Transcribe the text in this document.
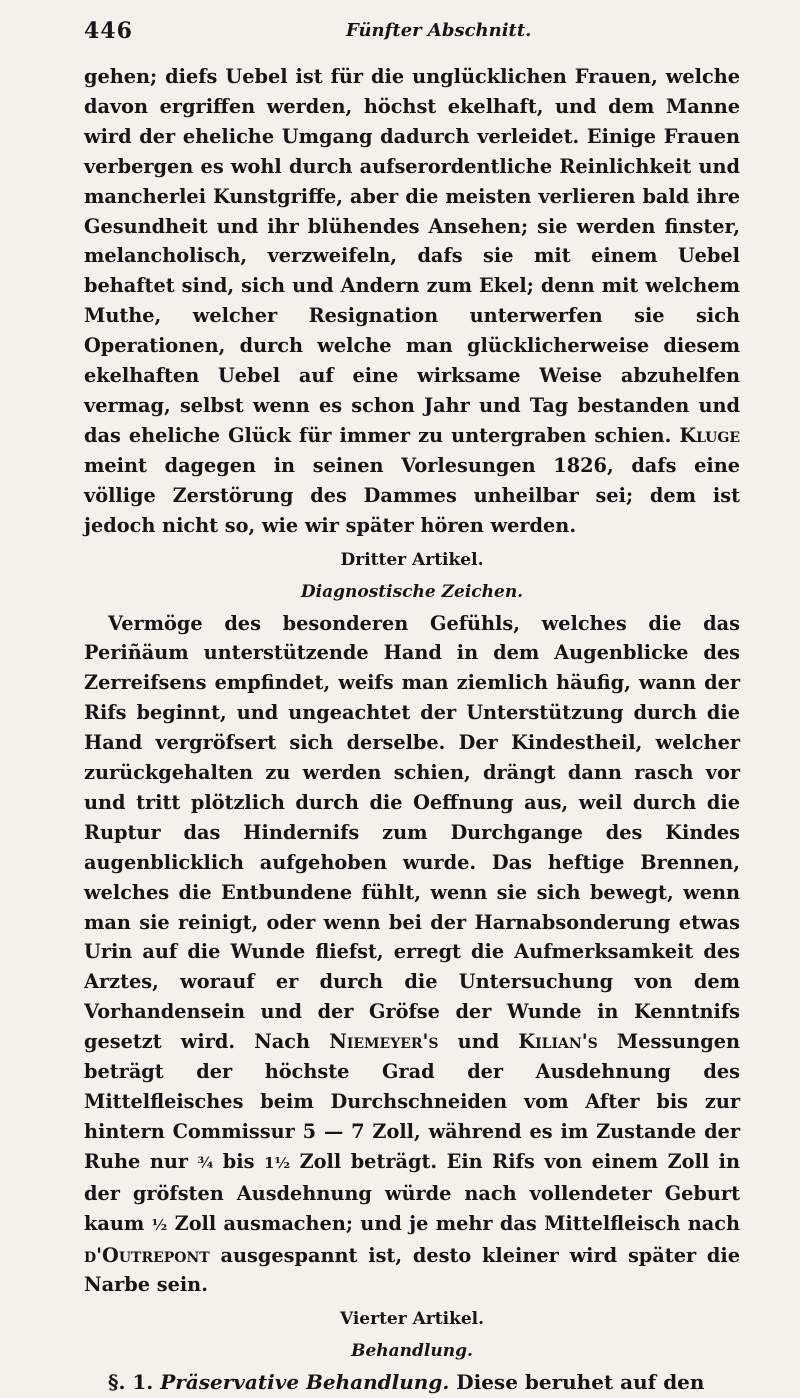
446	Fünfter Abschnitt.

gehen; diefs Uebel ist für die unglücklichen Frauen, welche davon ergriffen werden, höchst ekelhaft, und dem Manne wird der eheliche Umgang dadurch verleidet. Einige Frauen verbergen es wohl durch aufserordentliche Reinlichkeit und mancherlei Kunstgriffe, aber die meisten verlieren bald ihre Gesundheit und ihr blühendes Ansehen; sie werden finster, melancholisch, verzweifeln, dafs sie mit einem Uebel behaftet sind, sich und Andern zum Ekel; denn mit welchem Muthe, welcher Resignation unterwerfen sie sich Operationen, durch welche man glücklicherweise diesem ekelhaften Uebel auf eine wirksame Weise abzuhelfen vermag, selbst wenn es schon Jahr und Tag bestanden und das eheliche Glück für immer zu untergraben schien. Kluge meint dagegen in seinen Vorlesungen 1826, dafs eine völlige Zerstörung des Dammes unheilbar sei; dem ist jedoch nicht so, wie wir später hören werden.

Dritter Artikel.
Diagnostische Zeichen.

Vermöge des besonderen Gefühls, welches die das Periñäum unterstützende Hand in dem Augenblicke des Zerreifsens empfindet, weifs man ziemlich häufig, wann der Rifs beginnt, und ungeachtet der Unterstützung durch die Hand vergröfsert sich derselbe. Der Kindestheil, welcher zurückgehalten zu werden schien, drängt dann rasch vor und tritt plötzlich durch die Oeffnung aus, weil durch die Ruptur das Hindernifs zum Durchgange des Kindes augenblicklich aufgehoben wurde. Das heftige Brennen, welches die Entbundene fühlt, wenn sie sich bewegt, wenn man sie reinigt, oder wenn bei der Harnabsonderung etwas Urin auf die Wunde fliefst, erregt die Aufmerksamkeit des Arztes, worauf er durch die Untersuchung von dem Vorhandensein und der Gröfse der Wunde in Kenntnifs gesetzt wird. Nach Niemeyer's und Kilian's Messungen beträgt der höchste Grad der Ausdehnung des Mittelfleisches beim Durchschneiden vom After bis zur hintern Commissur 5 — 7 Zoll, während es im Zustande der Ruhe nur ¾ bis 1½ Zoll beträgt. Ein Rifs von einem Zoll in der gröfsten Ausdehnung würde nach vollendeter Geburt kaum ½ Zoll ausmachen; und je mehr das Mittelfleisch nach d'Outrepont ausgespannt ist, desto kleiner wird später die Narbe sein.

Vierter Artikel.
Behandlung.

§. 1. Präservative Behandlung. Diese beruhet auf den
